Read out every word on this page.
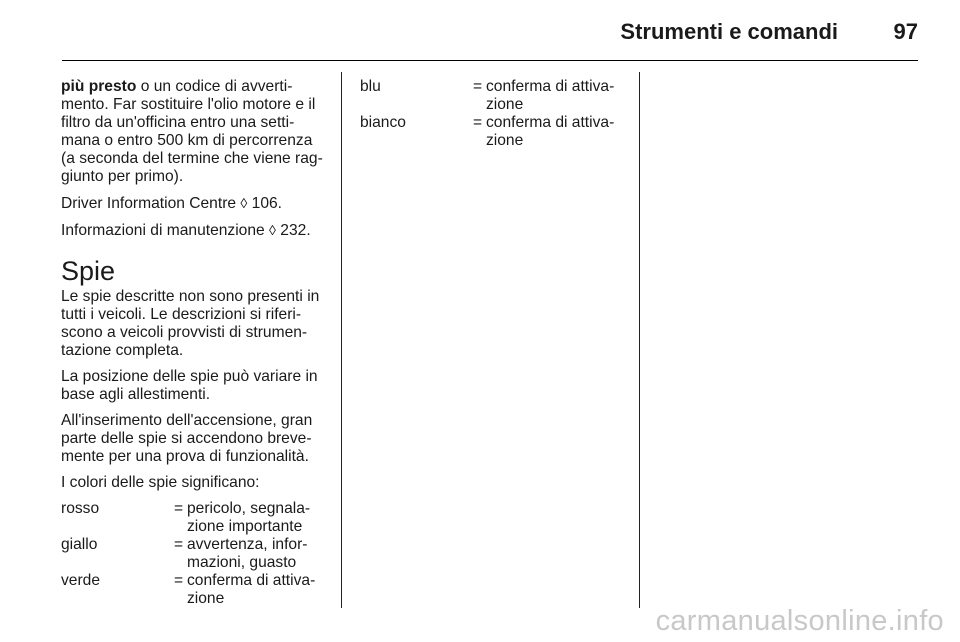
Strumenti e comandi	97

più presto o un codice di avverti-mento. Far sostituire l'olio motore e il filtro da un'officina entro una setti-mana o entro 500 km di percorrenza (a seconda del termine che viene rag-giunto per primo).

Driver Information Centre ◊ 106.

Informazioni di manutenzione ◊ 232.

Spie

Le spie descritte non sono presenti in tutti i veicoli. Le descrizioni si riferi-scono a veicoli provvisti di strumen-tazione completa.

La posizione delle spie può variare in base agli allestimenti.

All'inserimento dell'accensione, gran parte delle spie si accendono breve-mente per una prova di funzionalità.

I colori delle spie significano:

rosso	= pericolo, segnala-zione importante
giallo	= avvertenza, infor-mazioni, guasto
verde	= conferma di attiva-zione
blu	= conferma di attiva-zione
bianco	= conferma di attiva-zione
carmanualsonline.info
